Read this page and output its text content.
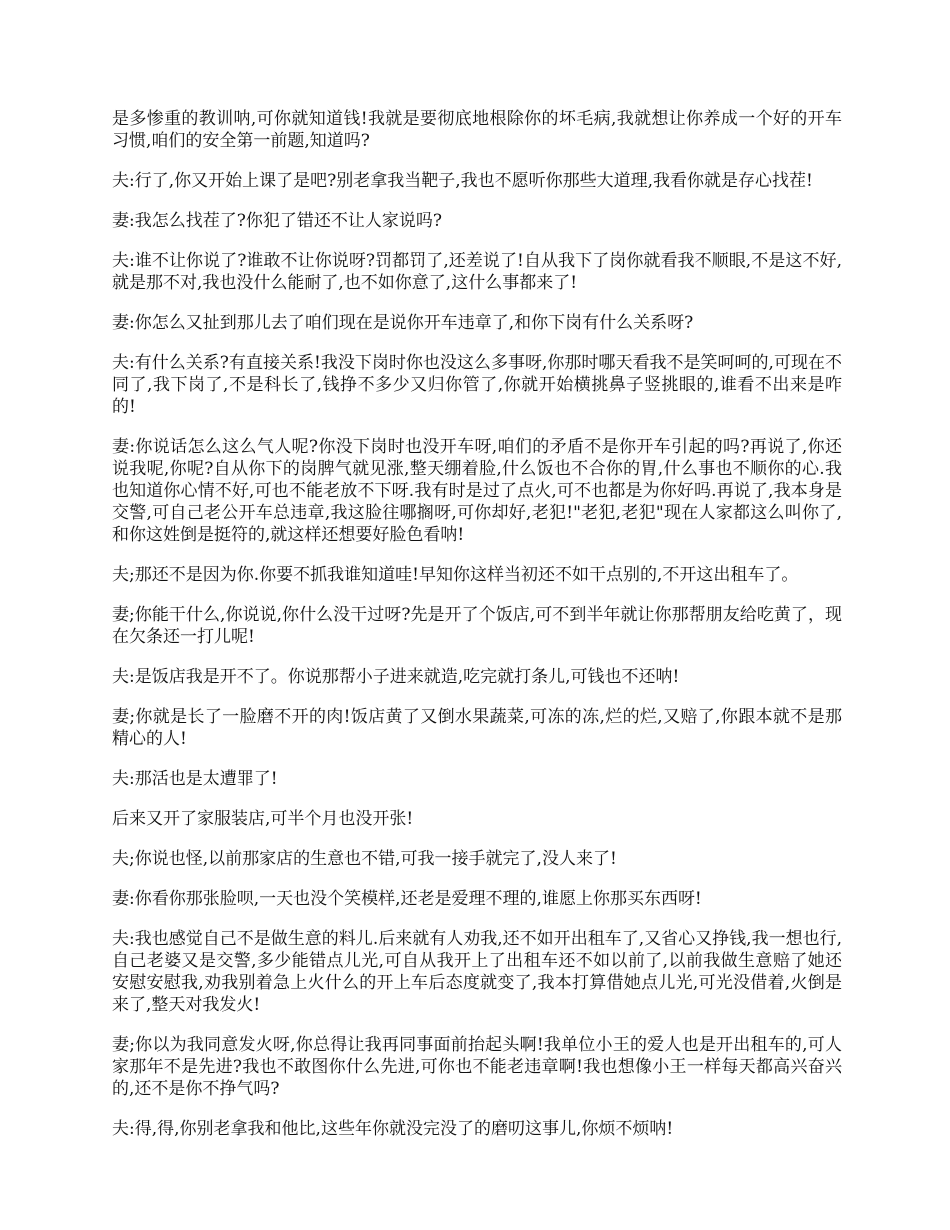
是多惨重的教训呐,可你就知道钱!我就是要彻底地根除你的坏毛病,我就想让你养成一个好的开车习惯,咱们的安全第一前题,知道吗?

夫:行了,你又开始上课了是吧?别老拿我当靶子,我也不愿听你那些大道理,我看你就是存心找茬!

妻:我怎么找茬了?你犯了错还不让人家说吗?

夫:谁不让你说了?谁敢不让你说呀?罚都罚了,还差说了!自从我下了岗你就看我不顺眼,不是这不好,就是那不对,我也没什么能耐了,也不如你意了,这什么事都来了!

妻:你怎么又扯到那儿去了咱们现在是说你开车违章了,和你下岗有什么关系呀?

夫:有什么关系?有直接关系!我没下岗时你也没这么多事呀,你那时哪天看我不是笑呵呵的,可现在不同了,我下岗了,不是科长了,钱挣不多少又归你管了,你就开始横挑鼻子竖挑眼的,谁看不出来是咋的!

妻:你说话怎么这么气人呢?你没下岗时也没开车呀,咱们的矛盾不是你开车引起的吗?再说了,你还说我呢,你呢?自从你下的岗脾气就见涨,整天绷着脸,什么饭也不合你的胃,什么事也不顺你的心.我也知道你心情不好,可也不能老放不下呀.我有时是过了点火,可不也都是为你好吗.再说了,我本身是交警,可自己老公开车总违章,我这脸往哪搁呀,可你却好,老犯!"老犯,老犯"现在人家都这么叫你了,和你这姓倒是挺符的,就这样还想要好脸色看呐!

夫;那还不是因为你.你要不抓我谁知道哇!早知你这样当初还不如干点别的,不开这出租车了。

妻;你能干什么,你说说,你什么没干过呀?先是开了个饭店,可不到半年就让你那帮朋友给吃黄了，现在欠条还一打儿呢!

夫:是饭店我是开不了。你说那帮小子进来就造,吃完就打条儿,可钱也不还呐!

妻;你就是长了一脸磨不开的肉!饭店黄了又倒水果蔬菜,可冻的冻,烂的烂,又赔了,你跟本就不是那精心的人!

夫:那活也是太遭罪了!

后来又开了家服装店,可半个月也没开张!

夫;你说也怪,以前那家店的生意也不错,可我一接手就完了,没人来了!

妻:你看你那张脸呗,一天也没个笑模样,还老是爱理不理的,谁愿上你那买东西呀!

夫:我也感觉自己不是做生意的料儿.后来就有人劝我,还不如开出租车了,又省心又挣钱,我一想也行,自己老婆又是交警,多少能错点儿光,可自从我开上了出租车还不如以前了,以前我做生意赔了她还安慰安慰我,劝我别着急上火什么的开上车后态度就变了,我本打算借她点儿光,可光没借着,火倒是来了,整天对我发火!

妻;你以为我同意发火呀,你总得让我再同事面前抬起头啊!我单位小王的爱人也是开出租车的,可人家那年不是先进?我也不敢图你什么先进,可你也不能老违章啊!我也想像小王一样每天都高兴奋兴的,还不是你不挣气吗?

夫:得,得,你别老拿我和他比,这些年你就没完没了的磨叨这事儿,你烦不烦呐!
